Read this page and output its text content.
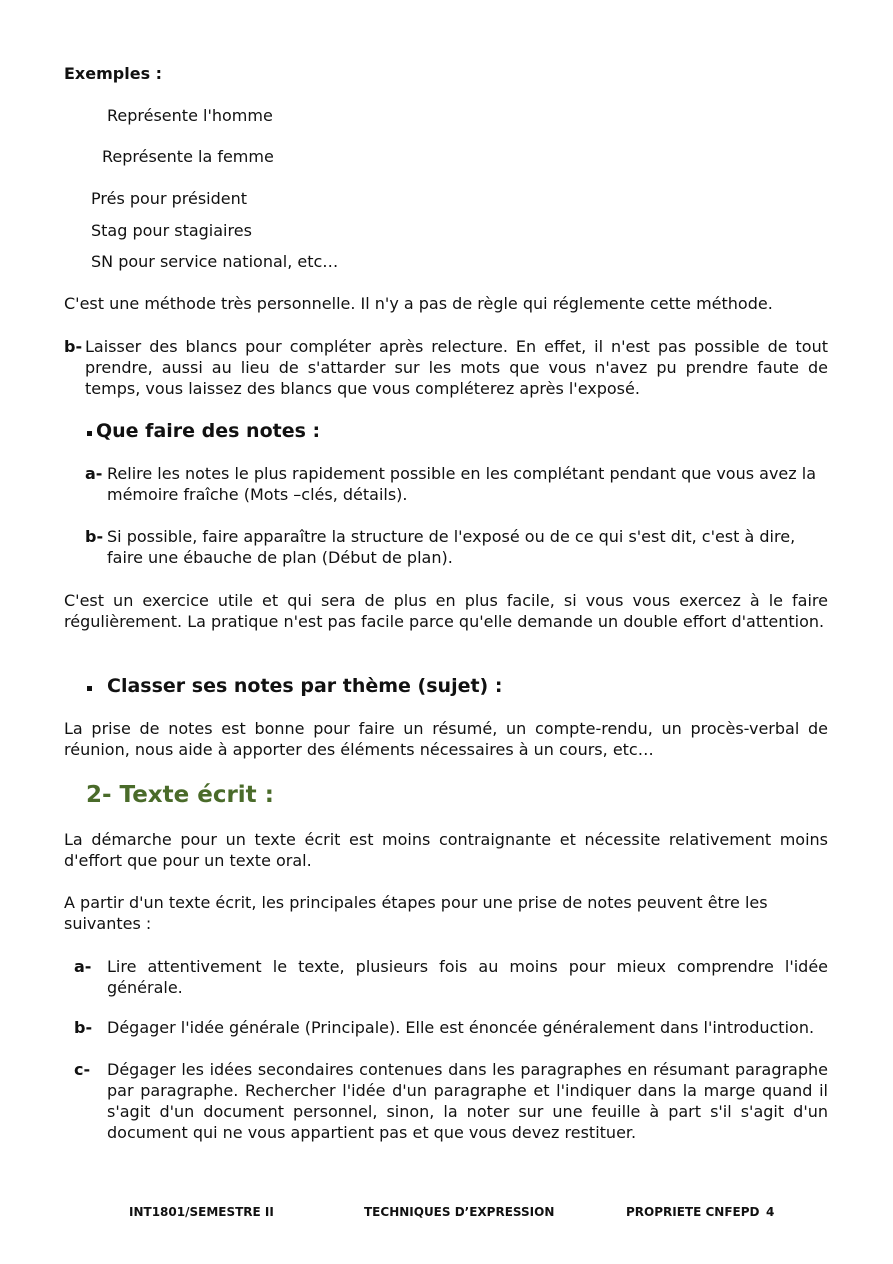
Exemples :
Représente l'homme
Représente la femme
Prés pour président
Stag pour stagiaires
SN pour service national, etc…
C'est une méthode très personnelle. Il n'y a pas de règle qui réglemente cette méthode.
b- Laisser des blancs pour compléter après relecture. En effet, il n'est pas possible de tout prendre, aussi au lieu de s'attarder sur les mots que vous n'avez pu prendre faute de temps, vous laissez des blancs que vous compléterez après l'exposé.
Que faire des notes :
a- Relire les notes le plus rapidement possible en les complétant pendant que vous avez la mémoire fraîche (Mots –clés, détails).
b- Si possible, faire apparaître la structure de l'exposé ou de ce qui s'est dit, c'est à dire, faire une ébauche de plan (Début de plan).
C'est un exercice utile et qui sera de plus en plus facile, si vous vous exercez à le faire régulièrement. La pratique n'est pas facile parce qu'elle demande un double effort d'attention.
Classer ses notes par thème (sujet) :
La prise de notes est bonne pour faire un résumé, un compte-rendu, un procès-verbal de réunion, nous aide à apporter des éléments nécessaires à un cours, etc…
2- Texte écrit :
La démarche pour un texte écrit est moins contraignante et nécessite relativement moins d'effort que pour un texte oral.
A partir d'un texte écrit, les principales étapes pour une prise de notes peuvent être les suivantes :
a- Lire attentivement le texte, plusieurs fois au moins pour mieux comprendre l'idée générale.
b- Dégager l'idée générale (Principale). Elle est énoncée généralement dans l'introduction.
c- Dégager les idées secondaires contenues dans les paragraphes en résumant paragraphe par paragraphe. Rechercher l'idée d'un paragraphe et l'indiquer dans la marge quand il s'agit d'un document personnel, sinon, la noter sur une feuille à part s'il s'agit d'un document qui ne vous appartient pas et que vous devez restituer.
INT1801/SEMESTRE II	TECHNIQUES D’EXPRESSION	PROPRIETE CNFEPD 4
